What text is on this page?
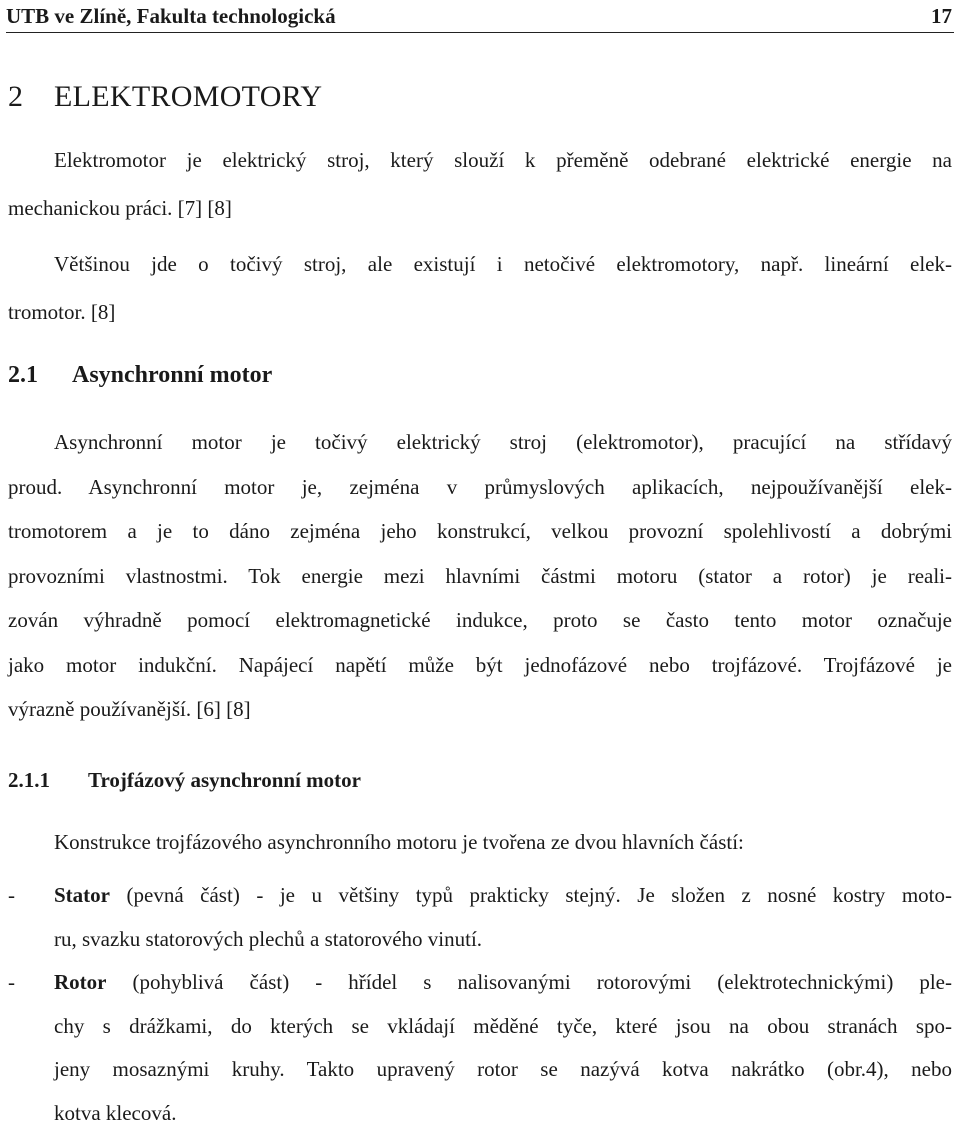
UTB ve Zlíně, Fakulta technologická	17
2 ELEKTROMOTORY
Elektromotor je elektrický stroj, který slouží k přeměně odebrané elektrické energie na
mechanickou práci. [7] [8]
Většinou jde o točivý stroj, ale existují i netočivé elektromotory, např. lineární elek-
tromotor. [8]
2.1 Asynchronní motor
Asynchronní motor je točivý elektrický stroj (elektromotor), pracující na střídavý
proud. Asynchronní motor je, zejména v průmyslových aplikacích, nejpoužívanější elek-
tromotorem a je to dáno zejména jeho konstrukcí, velkou provozní spolehlivostí a dobrými
provozními vlastnostmi. Tok energie mezi hlavními částmi motoru (stator a rotor) je reali-
zován výhradně pomocí elektromagnetické indukce, proto se často tento motor označuje
jako motor indukční. Napájecí napětí může být jednofázové nebo trojfázové. Trojfázové je
výrazně používanější. [6] [8]
2.1.1 Trojfázový asynchronní motor
Konstrukce trojfázového asynchronního motoru je tvořena ze dvou hlavních částí:
-	Stator (pevná část) - je u většiny typů prakticky stejný. Je složen z nosné kostry moto-
ru, svazku statorových plechů a statorového vinutí.
-	Rotor (pohyblivá část) - hřídel s nalisovanými rotorovými (elektrotechnickými) ple-
chy s drážkami, do kterých se vkládají měděné tyče, které jsou na obou stranách spo-
jeny mosaznými kruhy. Takto upravený rotor se nazývá kotva nakrátko (obr.4), nebo
kotva klecová.
